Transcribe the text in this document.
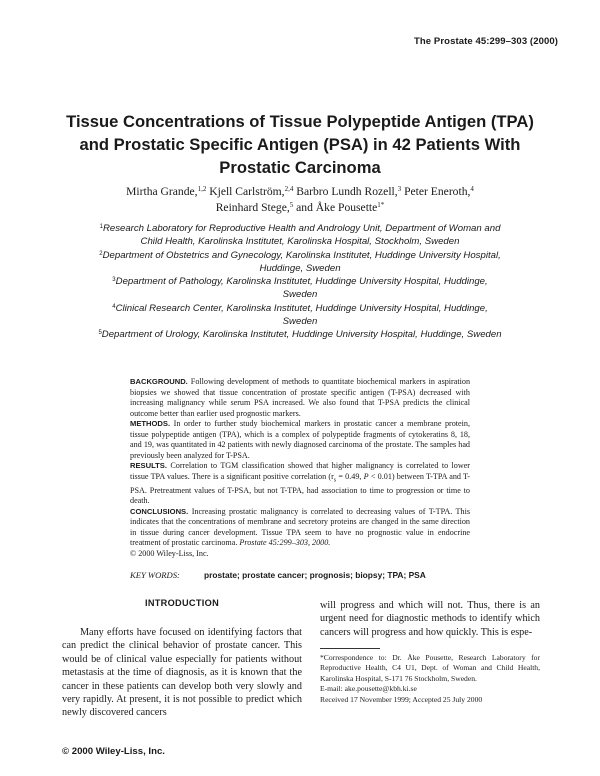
The Prostate 45:299–303 (2000)
Tissue Concentrations of Tissue Polypeptide Antigen (TPA) and Prostatic Specific Antigen (PSA) in 42 Patients With Prostatic Carcinoma
Mirtha Grande,$^{1,2}$ Kjell Carlström,$^{2,4}$ Barbro Lundh Rozell,$^3$ Peter Eneroth,$^4$
Reinhard Stege,$^5$ and Åke Pousette$^{1*}$

$^1$Research Laboratory for Reproductive Health and Andrology Unit, Department of Woman and Child Health, Karolinska Institutet, Karolinska Hospital, Stockholm, Sweden

$^2$Department of Obstetrics and Gynecology, Karolinska Institutet, Huddinge University Hospital, Huddinge, Sweden

$^3$Department of Pathology, Karolinska Institutet, Huddinge University Hospital, Huddinge, Sweden

$^4$Clinical Research Center, Karolinska Institutet, Huddinge University Hospital, Huddinge, Sweden

$^5$Department of Urology, Karolinska Institutet, Huddinge University Hospital, Huddinge, Sweden

BACKGROUND. Following development of methods to quantitate biochemical markers in aspiration biopsies we showed that tissue concentration of prostate specific antigen (T-PSA) decreased with increasing malignancy while serum PSA increased. We also found that T-PSA predicts the clinical outcome better than earlier used prognostic markers.

METHODS. In order to further study biochemical markers in prostatic cancer a membrane protein, tissue polypeptide antigen (TPA), which is a complex of polypeptide fragments of cytokeratins 8, 18, and 19, was quantitated in 42 patients with newly diagnosed carcinoma of the prostate. The samples had previously been analyzed for T-PSA.

RESULTS. Correlation to TGM classification showed that higher malignancy is correlated to lower tissue TPA values. There is a significant positive correlation ($r_s = 0.49$, P < 0.01) between T-TPA and T-PSA. Pretreatment values of T-PSA, but not T-TPA, had association to time to progression or time to death.

CONCLUSIONS. Increasing prostatic malignancy is correlated to decreasing values of T-TPA. This indicates that the concentrations of membrane and secretory proteins are changed in the same direction in tissue during cancer development. Tissue TPA seem to have no prognostic value in endocrine treatment of prostatic carcinoma. Prostate 45:299–303, 2000.

© 2000 Wiley-Liss, Inc.

KEY WORDS:	prostate; prostate cancer; prognosis; biopsy; TPA; PSA
INTRODUCTION

Many efforts have focused on identifying factors that can predict the clinical behavior of prostate cancer. This would be of clinical value especially for patients without metastasis at the time of diagnosis, as it is known that the cancer in these patients can develop both very slowly and very rapidly. At present, it is not possible to predict which newly discovered cancers

will progress and which will not. Thus, there is an urgent need for diagnostic methods to identify which cancers will progress and how quickly. This is espe-

*Correspondence to: Dr. Åke Pousette, Research Laboratory for Reproductive Health, C4 U1, Dept. of Woman and Child Health, Karolinska Hospital, S-171 76 Stockholm, Sweden.

E-mail: ake.pousette@kbh.ki.se

Received 17 November 1999; Accepted 25 July 2000

© 2000 Wiley-Liss, Inc.
